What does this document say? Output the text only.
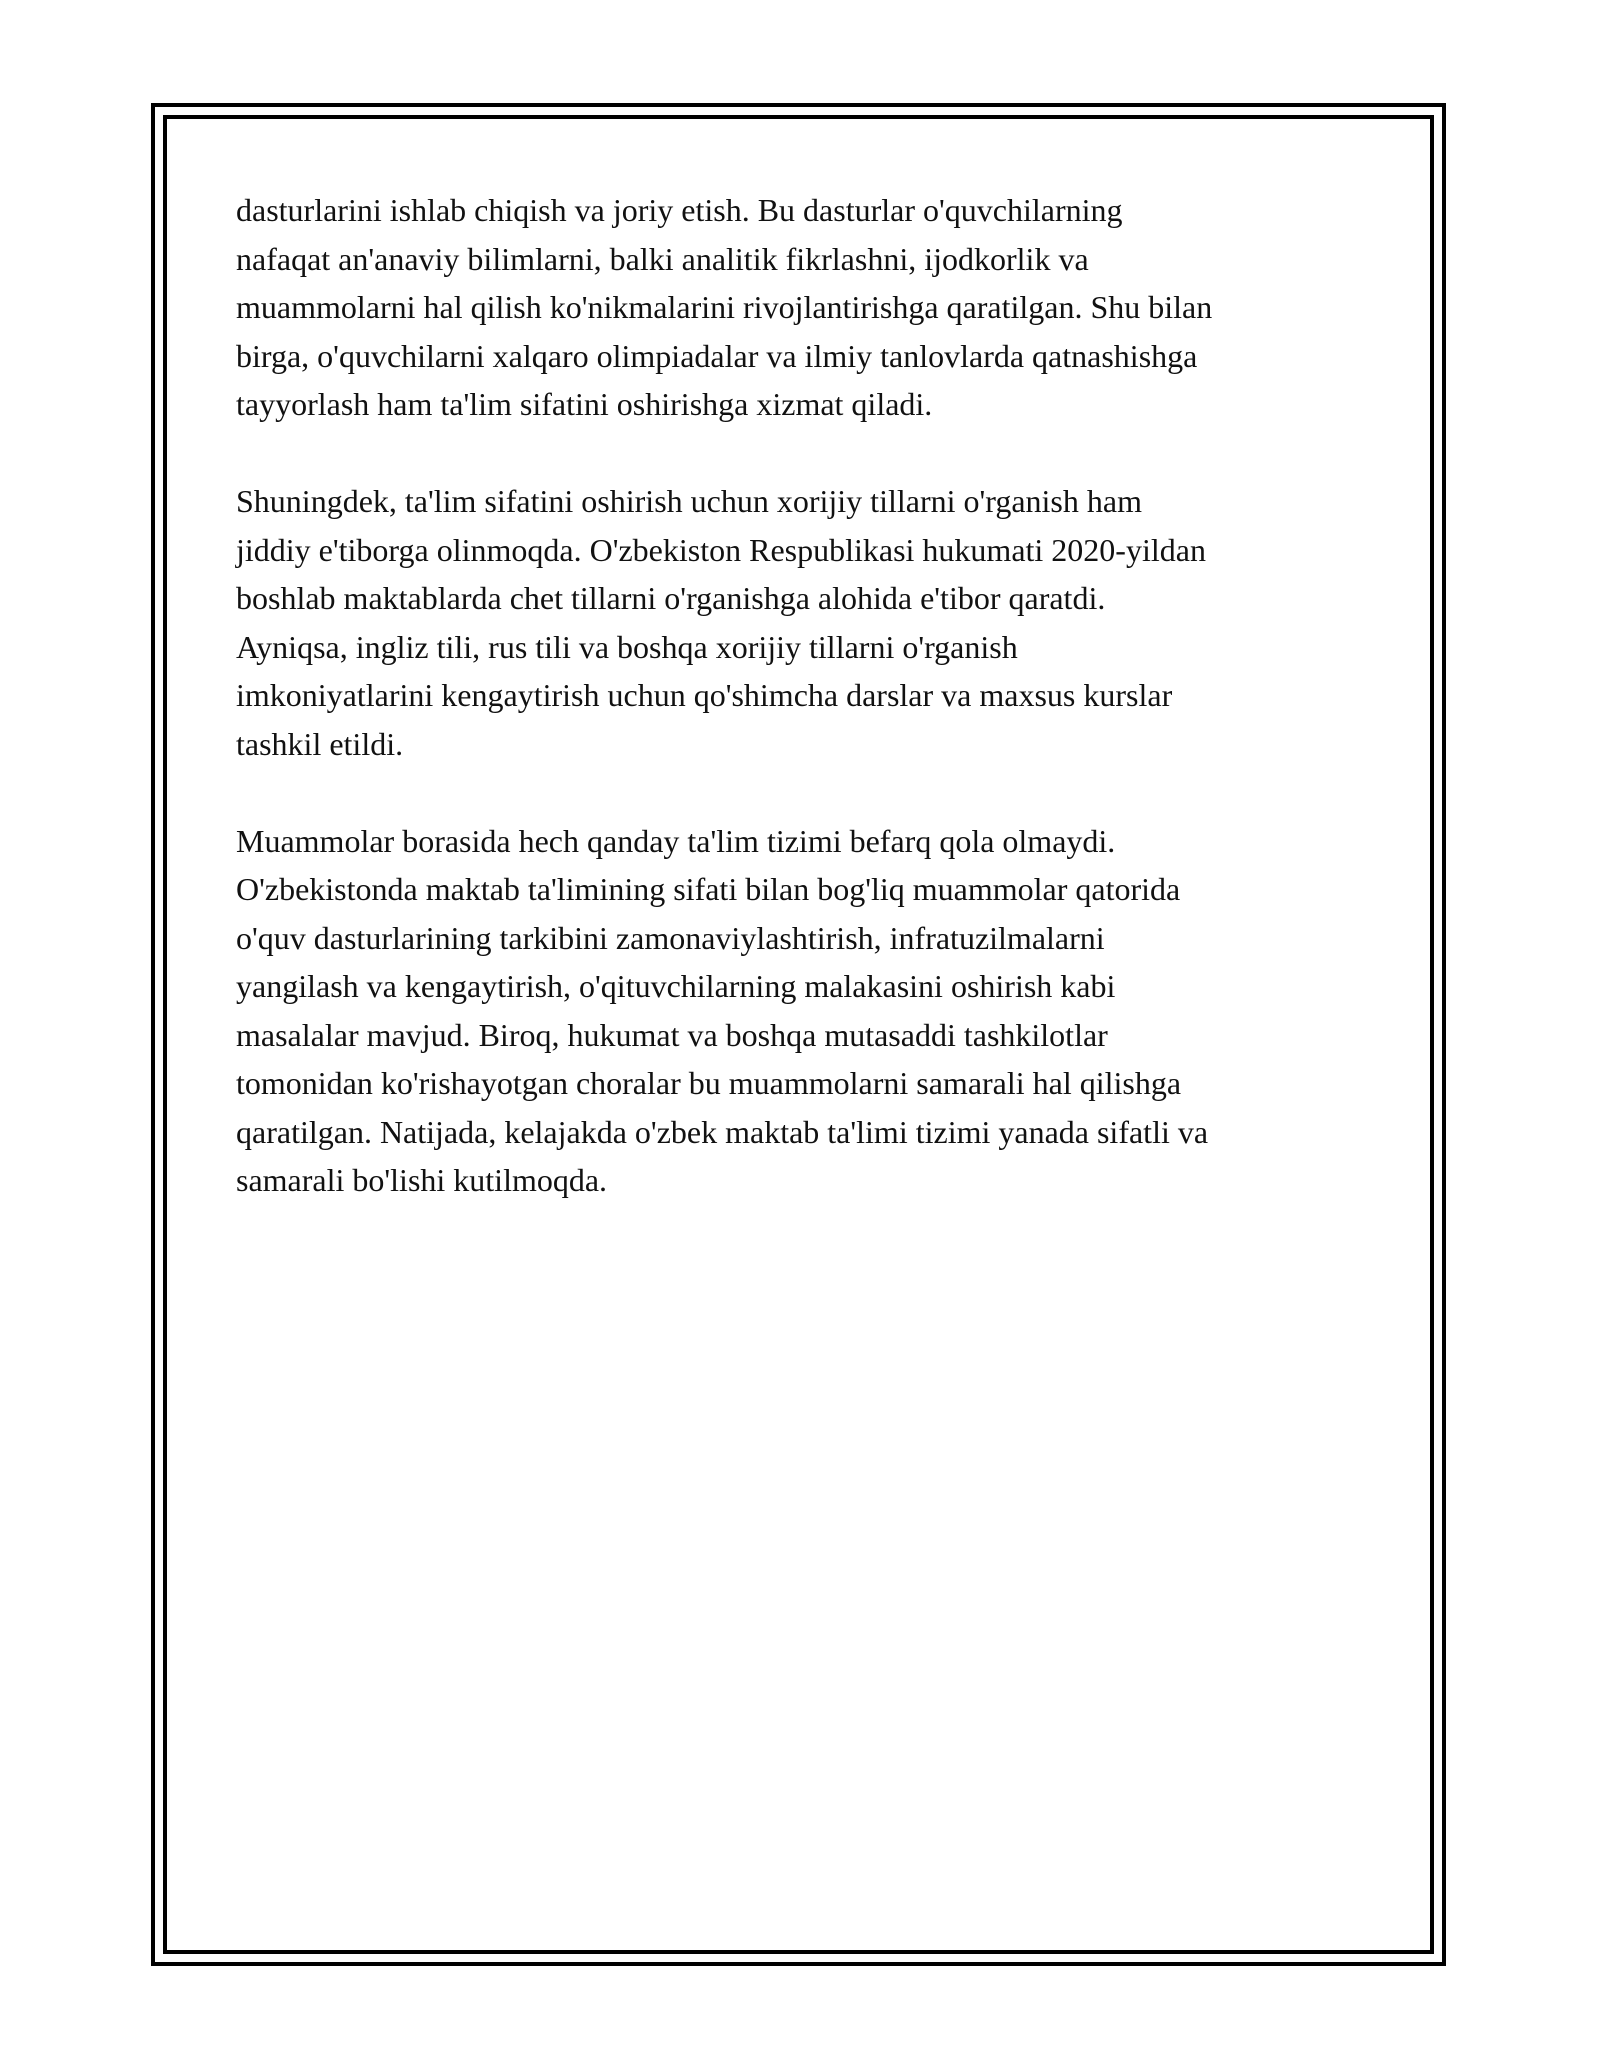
dasturlarini ishlab chiqish va joriy etish. Bu dasturlar o'quvchilarning
nafaqat an'anaviy bilimlarni, balki analitik fikrlashni, ijodkorlik va
muammolarni hal qilish ko'nikmalarini rivojlantirishga qaratilgan. Shu bilan
birga, o'quvchilarni xalqaro olimpiadalar va ilmiy tanlovlarda qatnashishga
tayyorlash ham ta'lim sifatini oshirishga xizmat qiladi.

Shuningdek, ta'lim sifatini oshirish uchun xorijiy tillarni o'rganish ham
jiddiy e'tiborga olinmoqda. O'zbekiston Respublikasi hukumati 2020-yildan
boshlab maktablarda chet tillarni o'rganishga alohida e'tibor qaratdi.
Ayniqsa, ingliz tili, rus tili va boshqa xorijiy tillarni o'rganish
imkoniyatlarini kengaytirish uchun qo'shimcha darslar va maxsus kurslar
tashkil etildi.

Muammolar borasida hech qanday ta'lim tizimi befarq qola olmaydi.
O'zbekistonda maktab ta'limining sifati bilan bog'liq muammolar qatorida
o'quv dasturlarining tarkibini zamonaviylashtirish, infratuzilmalarni
yangilash va kengaytirish, o'qituvchilarning malakasini oshirish kabi
masalalar mavjud. Biroq, hukumat va boshqa mutasaddi tashkilotlar
tomonidan ko'rishayotgan choralar bu muammolarni samarali hal qilishga
qaratilgan. Natijada, kelajakda o'zbek maktab ta'limi tizimi yanada sifatli va
samarali bo'lishi kutilmoqda.
